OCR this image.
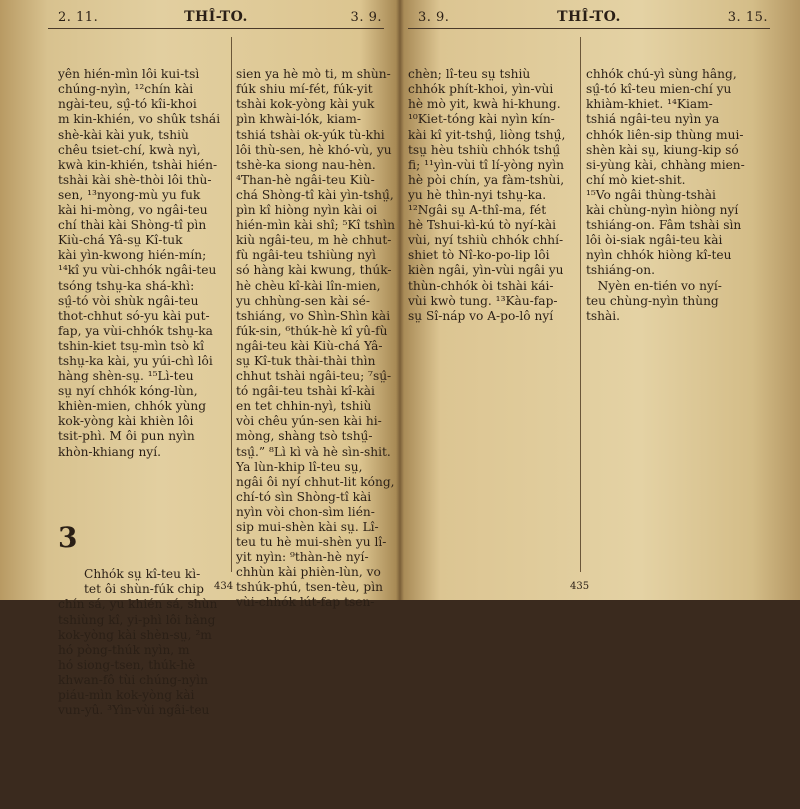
2. 11.	THÎ-TO.	3. 9.

yên hién-mìn lôi kui-tsì
chúng-nyìn, ¹²chín kài
ngài-teu, sṳ̂-tó kîi-khoi
m kin-khién, vo shûk tshái
shè-kài kài yuk, tshiù
chêu tsiet-chí, kwà nyì,
kwà kin-khién, tshài hién-
tshài kài shè-thòi lôi thù-
sen, ¹³nyong-mù yu fuk
kài hi-mòng, vo ngâi-teu
chí thài kài Shòng-tî pìn
Kiù-chá Yâ-sṳ Kî-tuk
kài yìn-kwong hién-mín;
¹⁴kî yu vùi-chhók ngâi-teu
tsóng tshṳ-ka shá-khì:
sṳ̂-tó vòi shùk ngâi-teu
thot-chhut só-yu kài put-
fap, ya vùi-chhók tshṳ-ka
tshin-kiet tsṳ-mìn tsò kî
tshṳ-ka kài, yu yúi-chì lôi
hàng shèn-sṳ. ¹⁵Lì-teu
sṳ nyí chhók kóng-lùn,
khièn-mien, chhók yùng
kok-yòng kài khièn lôi
tsit-phì. M ôi pun nyìn
khòn-khiang nyí.

3

Chhók sṳ kî-teu kì-
tet ôi shùn-fúk chip
chín sá, yu khién sá, shùn
tshiùng kî, yi-phì lôi hàng
kok-yòng kài shèn-sṳ, ²m
hó pòng-thúk nyìn, m
hó siong-tsen, thúk-hè
khwan-fô tùi chúng-nyìn
piáu-mìn kok-yòng kài
vun-yû. ³Yìn-vùi ngâi-teu

sien ya hè mò ti, m shùn-
fúk shiu mí-fét, fúk-yit
tshài kok-yòng kài yuk
pìn khwài-lók, kiam-
tshiá tshài ok-yúk tù-khi
lôi thù-sen, hè khó-vù, yu
tshè-ka siong nau-hèn.
⁴Than-hè ngâi-teu Kiù-
chá Shòng-tî kài yìn-tshṳ̂,
pìn kî hiòng nyìn kài oi
hién-mìn kài shî; ⁵Kî tshìn
kiù ngâi-teu, m hè chhut-
fù ngâi-teu tshiùng nyì
só hàng kài kwung, thúk-
hè chèu kî-kài lîn-mien,
yu chhùng-sen kài sé-
tshiáng, vo Shìn-Shìn kài
fúk-sin, ⁶thúk-hè kî yû-fù
ngâi-teu kài Kiù-chá Yâ-
sṳ Kî-tuk thài-thài thìn
chhut tshài ngâi-teu; ⁷sṳ̂-
tó ngâi-teu tshài kî-kài
en tet chhin-nyì, tshiù
vòi chêu yún-sen kài hi-
mòng, shàng tsò tshṳ̂-
tsṳ̂.” ⁸Lì kì và hè sìn-shit.
Ya lùn-khip lî-teu sṳ,
ngâi ôi nyí chhut-lit kóng,
chí-tó sìn Shòng-tî kài
nyìn vòi chon-sìm lién-
sip mui-shèn kài sṳ. Lî-
teu tu hè mui-shèn yu lî-
yit nyìn: ⁹thàn-hè nyí-
chhùn kài phièn-lùn, vo
tshúk-phú, tsen-tèu, pìn
vùi-chhók lút-fap tsen-

434
3. 9.	THÎ-TO.	3. 15.

chèn; lî-teu sṳ tshiù
chhók phít-khoi, yìn-vùi
hè mò yit, kwà hi-khung.
¹⁰Kiet-tóng kài nyìn kín-
kài kî yit-tshṳ̂, liòng tshṳ̂,
tsṳ hèu tshiù chhók tshṳ̂
fi; ¹¹yìn-vùi tî lí-yòng nyìn
hè pòi chín, ya fàm-tshùi,
yu hè thìn-nyi tshṳ-ka.
¹²Ngâi sṳ A-thî-ma, fét
hè Tshui-kì-kú tò nyí-kài
vùi, nyí tshiù chhók chhí-
shiet tò Nî-ko-po-lip lôi
kièn ngâi, yìn-vùi ngâi yu
thùn-chhók òi tshài kái-
vùi kwò tung. ¹³Kàu-fap-
sṳ Sî-náp vo A-po-lô nyí

chhók chú-yì sùng hâng,
sṳ̂-tó kî-teu mien-chí yu
khiàm-khiet. ¹⁴Kiam-
tshiá ngâi-teu nyìn ya
chhók liên-sip thùng mui-
shèn kài sṳ, kiung-kip só
si-yùng kài, chhàng mien-
chí mò kiet-shit.
¹⁵Vo ngâi thùng-tshài
kài chùng-nyìn hiòng nyí
tshiáng-on. Fâm tshài sìn
lôi òi-siak ngâi-teu kài
nyìn chhók hiòng kî-teu
tshiáng-on.
Nyèn en-tién vo nyí-
teu chùng-nyìn thùng
tshài.

435
